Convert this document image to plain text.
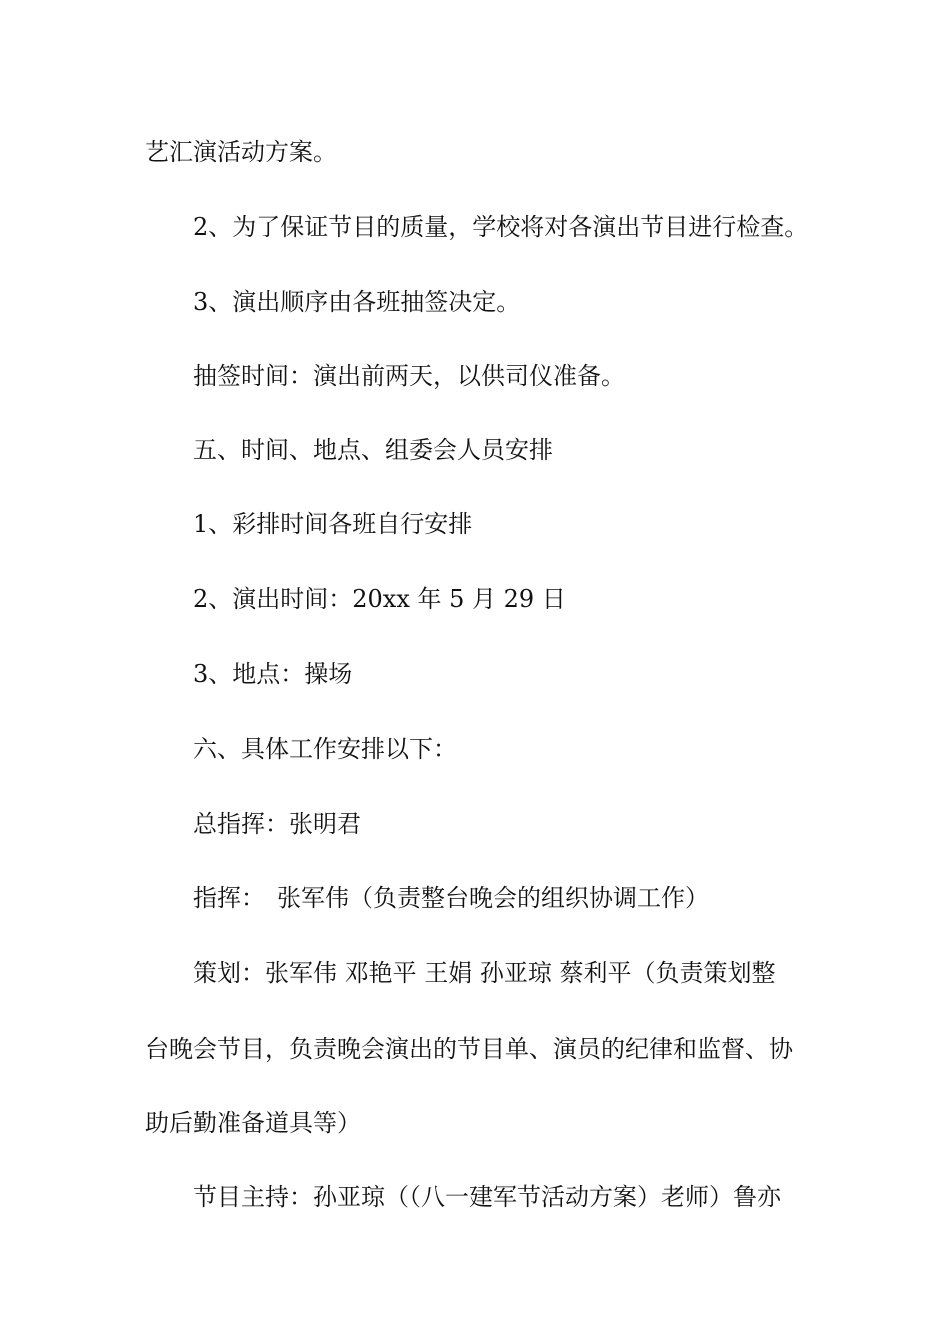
艺汇演活动方案。
2、为了保证节目的质量，学校将对各演出节目进行检查。
3、演出顺序由各班抽签决定。
抽签时间：演出前两天，以供司仪准备。
五、时间、地点、组委会人员安排
1、彩排时间各班自行安排
2、演出时间：20xx 年 5 月 29 日
3、地点：操场
六、具体工作安排以下：
总指挥：张明君
指挥：　张军伟（负责整台晚会的组织协调工作）
策划：张军伟 邓艳平 王娟 孙亚琼 蔡利平（负责策划整
台晚会节目，负责晚会演出的节目单、演员的纪律和监督、协
助后勤准备道具等）
节目主持：孙亚琼（（八一建军节活动方案）老师）鲁亦
